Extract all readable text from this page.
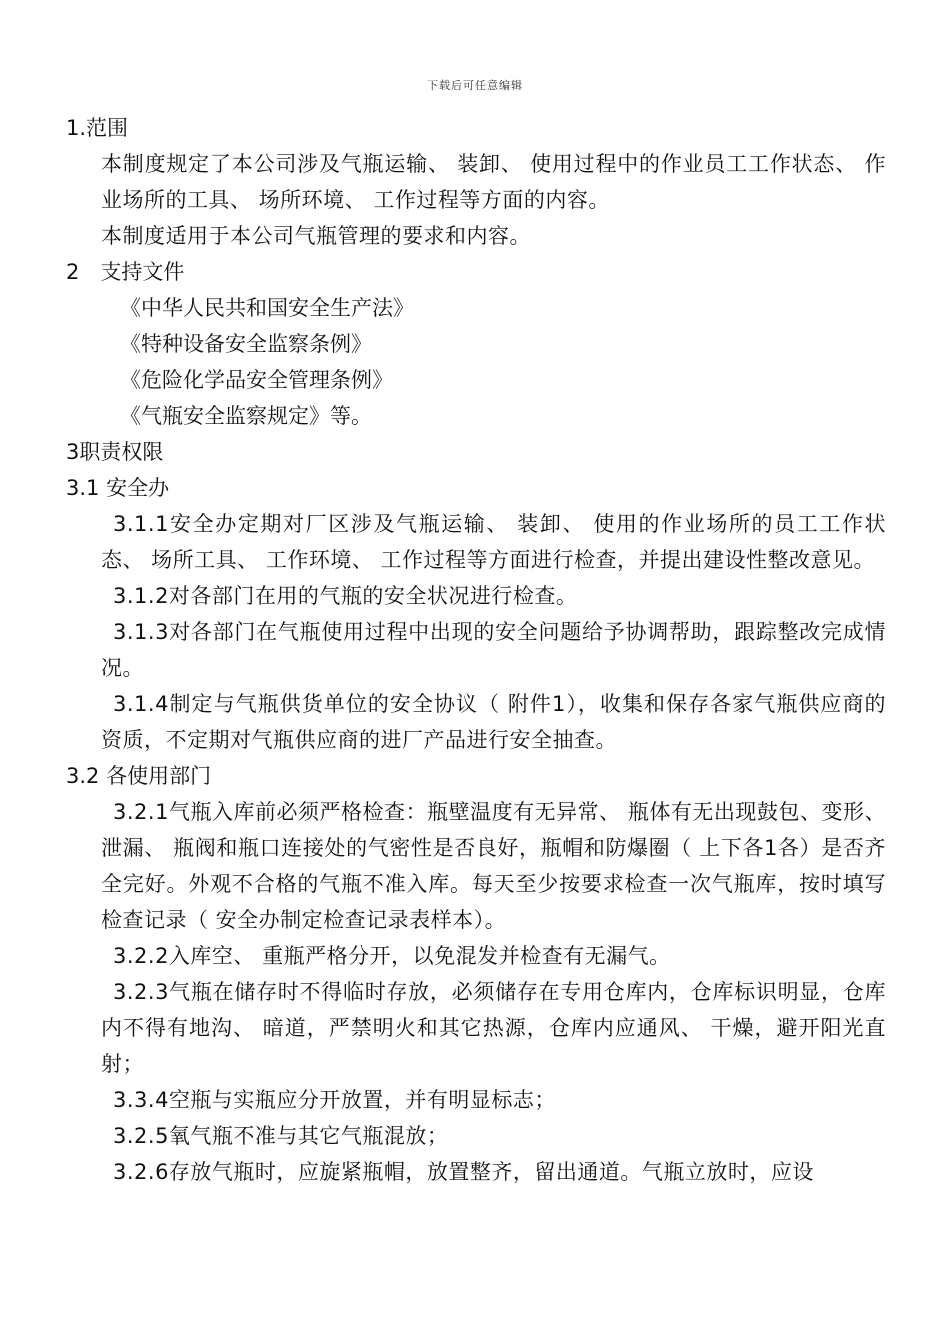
下载后可任意编辑
1.范围
本制度规定了本公司涉及气瓶运输、 装卸、 使用过程中的作业员工工作状态、 作业场所的工具、 场所环境、 工作过程等方面的内容。
本制度适用于本公司气瓶管理的要求和内容。
2　支持文件
《中华人民共和国安全生产法》
《特种设备安全监察条例》
《危险化学品安全管理条例》
《气瓶安全监察规定》等。
3职责权限
3.1 安全办
3.1.1安全办定期对厂区涉及气瓶运输、 装卸、 使用的作业场所的员工工作状态、 场所工具、 工作环境、 工作过程等方面进行检查，并提出建设性整改意见。
3.1.2对各部门在用的气瓶的安全状况进行检查。
3.1.3对各部门在气瓶使用过程中出现的安全问题给予协调帮助，跟踪整改完成情况。
3.1.4制定与气瓶供货单位的安全协议（ 附件1），收集和保存各家气瓶供应商的资质，不定期对气瓶供应商的进厂产品进行安全抽查。
3.2 各使用部门
3.2.1气瓶入库前必须严格检查：瓶壁温度有无异常、 瓶体有无出现鼓包、变形、 泄漏、 瓶阀和瓶口连接处的气密性是否良好，瓶帽和防爆圈（ 上下各1各）是否齐全完好。外观不合格的气瓶不准入库。每天至少按要求检查一次气瓶库，按时填写检查记录（ 安全办制定检查记录表样本）。
3.2.2入库空、 重瓶严格分开，以免混发并检查有无漏气。
3.2.3气瓶在储存时不得临时存放，必须储存在专用仓库内，仓库标识明显，仓库内不得有地沟、 暗道，严禁明火和其它热源，仓库内应通风、 干燥，避开阳光直射；
3.3.4空瓶与实瓶应分开放置，并有明显标志；
3.2.5氧气瓶不准与其它气瓶混放；
3.2.6存放气瓶时，应旋紧瓶帽，放置整齐，留出通道。气瓶立放时，应设
